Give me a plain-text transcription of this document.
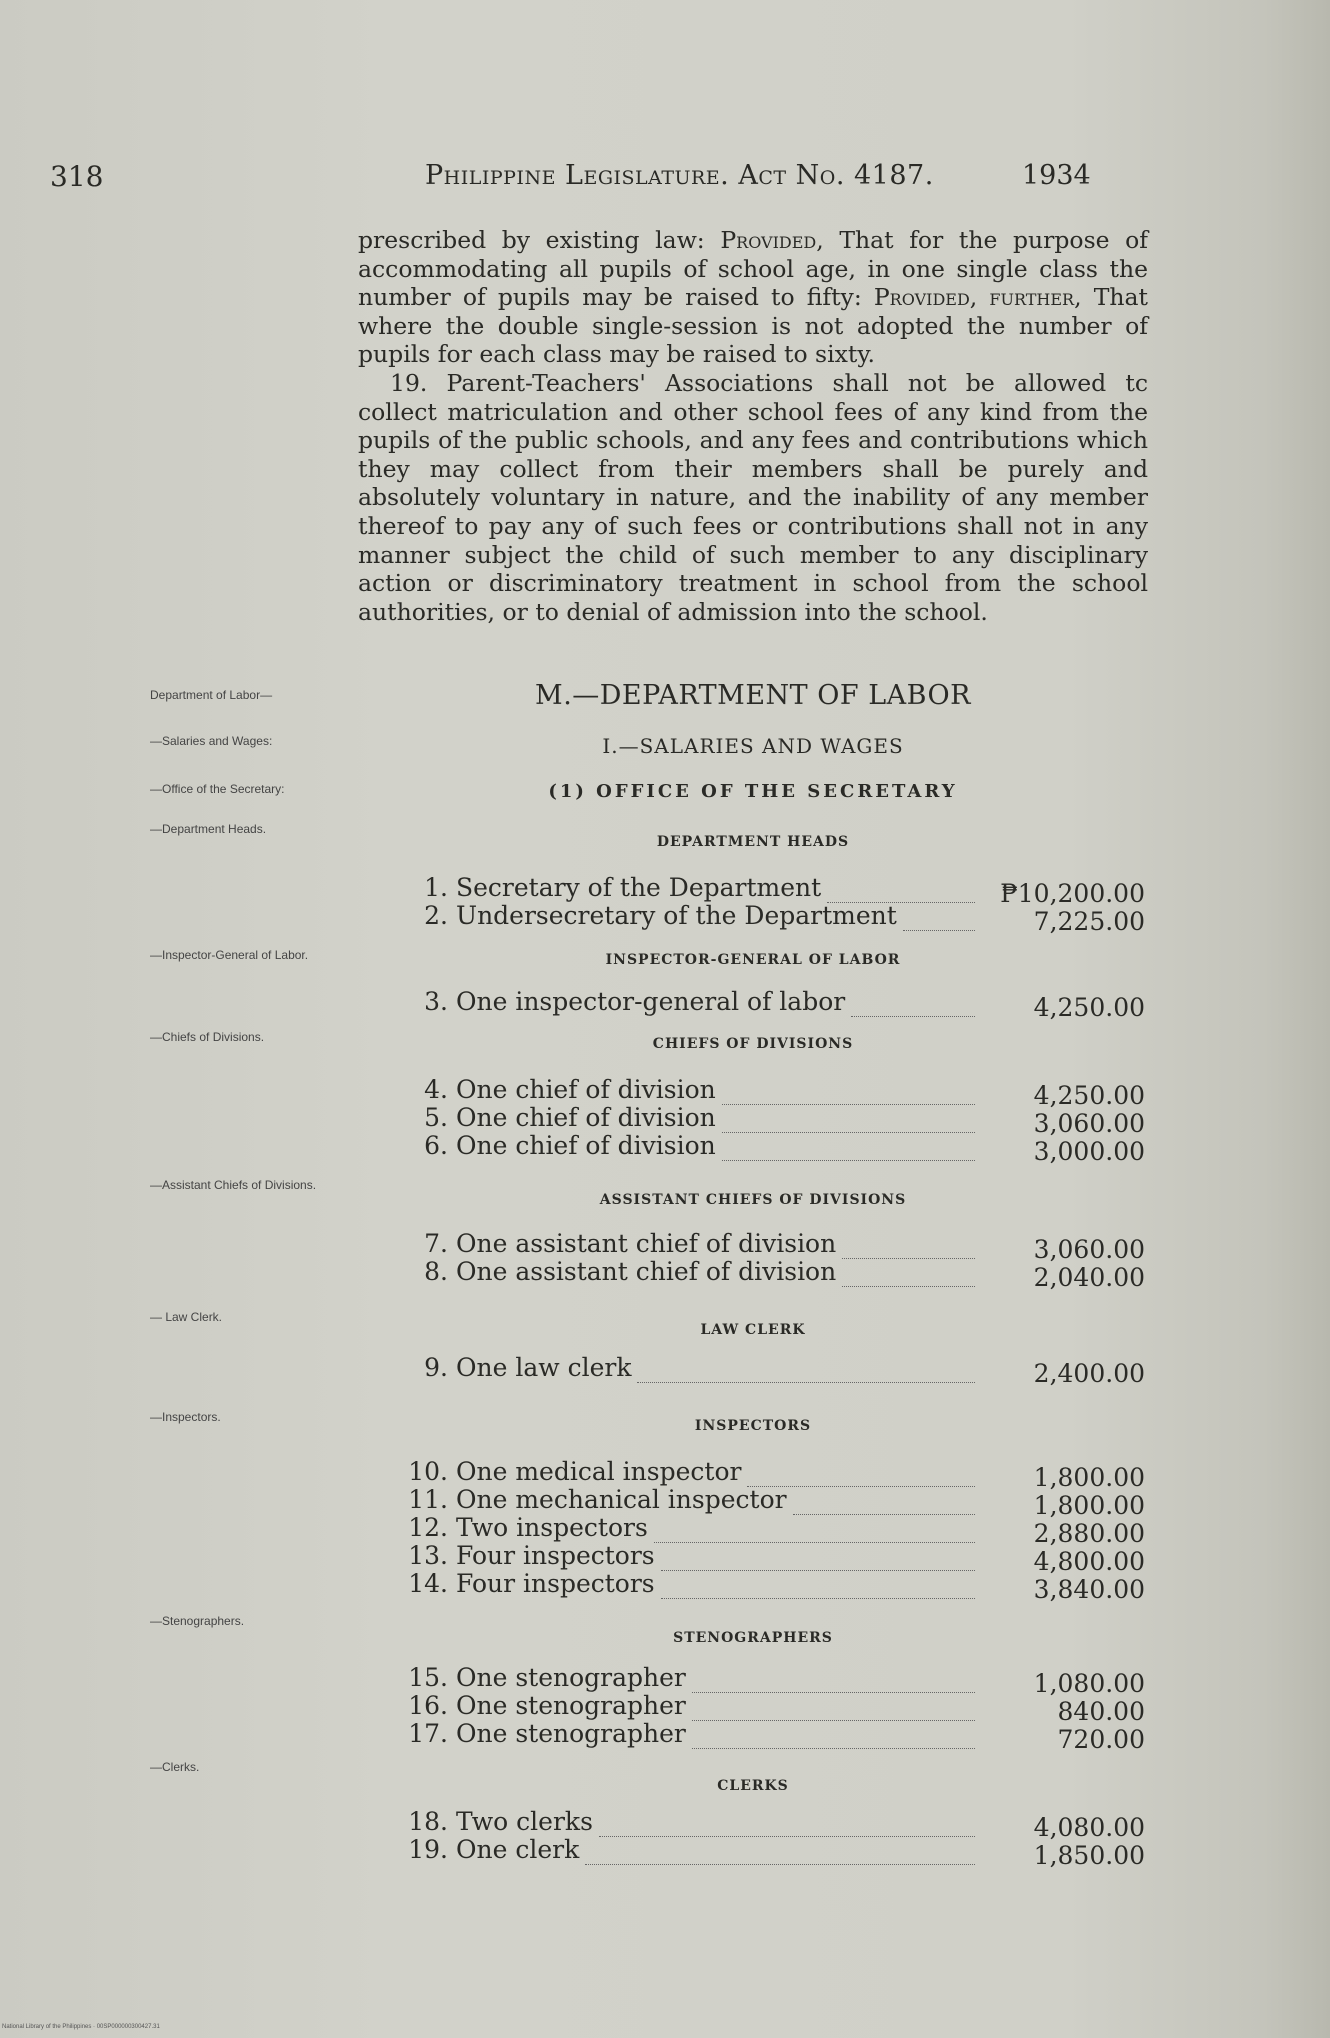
318	Philippine Legislature. Act No. 4187.	1934

prescribed by existing law: Provided, That for the purpose of accommodating all pupils of school age, in one single class the number of pupils may be raised to fifty: Provided, further, That where the double single-session is not adopted the number of pupils for each class may be raised to sixty.

19. Parent-Teachers' Associations shall not be allowed tc collect matriculation and other school fees of any kind from the pupils of the public schools, and any fees and contributions which they may collect from their members shall be purely and absolutely voluntary in nature, and the inability of any member thereof to pay any of such fees or contributions shall not in any manner subject the child of such member to any disciplinary action or discriminatory treatment in school from the school authorities, or to denial of admission into the school.

Department of Labor—
—Salaries and Wages:
—Office of the Secretary:
—Department Heads.
—Inspector-General of Labor.
—Chiefs of Divisions.
—Assistant Chiefs of Divisions.
— Law Clerk.
—Inspectors.
—Stenographers.
—Clerks.
M.—DEPARTMENT OF LABOR
I.—SALARIES AND WAGES
(1) OFFICE OF THE SECRETARY
DEPARTMENT HEADS
1. Secretary of the Department	₱10,200.00
2. Undersecretary of the Department	7,225.00
INSPECTOR-GENERAL OF LABOR
3. One inspector-general of labor	4,250.00
CHIEFS OF DIVISIONS
4. One chief of division	4,250.00
5. One chief of division	3,060.00
6. One chief of division	3,000.00
ASSISTANT CHIEFS OF DIVISIONS
7. One assistant chief of division	3,060.00
8. One assistant chief of division	2,040.00
LAW CLERK
9. One law clerk	2,400.00
INSPECTORS
10. One medical inspector	1,800.00
11. One mechanical inspector	1,800.00
12. Two inspectors	2,880.00
13. Four inspectors	4,800.00
14. Four inspectors	3,840.00
STENOGRAPHERS
15. One stenographer	1,080.00
16. One stenographer	840.00
17. One stenographer	720.00
CLERKS
18. Two clerks	4,080.00
19. One clerk	1,850.00
National Library of the Philippines · 00SP000000300427.31
